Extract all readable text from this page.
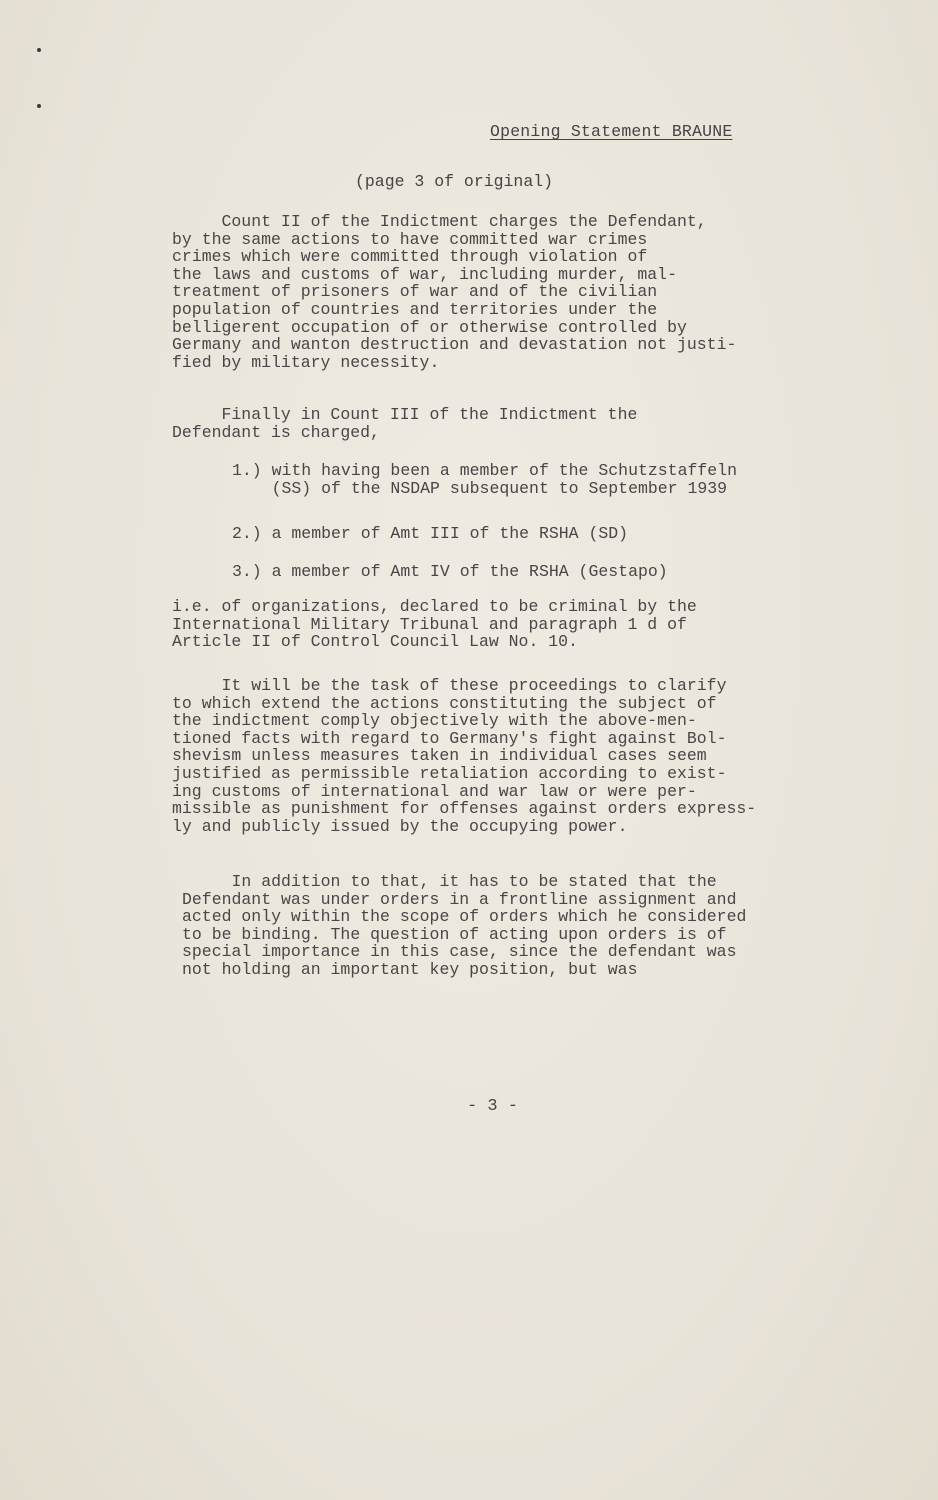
Opening Statement BRAUNE
(page 3 of original)

Count II of the Indictment charges the Defendant,
by the same actions to have committed war crimes
crimes which were committed through violation of
the laws and customs of war, including murder, mal-
treatment of prisoners of war and of the civilian
population of countries and territories under the
belligerent occupation of or otherwise controlled by
Germany and wanton destruction and devastation not justi-
fied by military necessity.

Finally in Count III of the Indictment the
Defendant is charged,

1.) with having been a member of the Schutzstaffeln
(SS) of the NSDAP subsequent to September 1939

2.) a member of Amt III of the RSHA (SD)

3.) a member of Amt IV of the RSHA (Gestapo)

i.e. of organizations, declared to be criminal by the
International Military Tribunal and paragraph 1 d of
Article II of Control Council Law No. 10.

It will be the task of these proceedings to clarify
to which extend the actions constituting the subject of
the indictment comply objectively with the above-men-
tioned facts with regard to Germany's fight against Bol-
shevism unless measures taken in individual cases seem
justified as permissible retaliation according to exist-
ing customs of international and war law or were per-
missible as punishment for offenses against orders express-
ly and publicly issued by the occupying power.

In addition to that, it has to be stated that the
Defendant was under orders in a frontline assignment and
acted only within the scope of orders which he considered
to be binding. The question of acting upon orders is of
special importance in this case, since the defendant was
not holding an important key position, but was

- 3 -
